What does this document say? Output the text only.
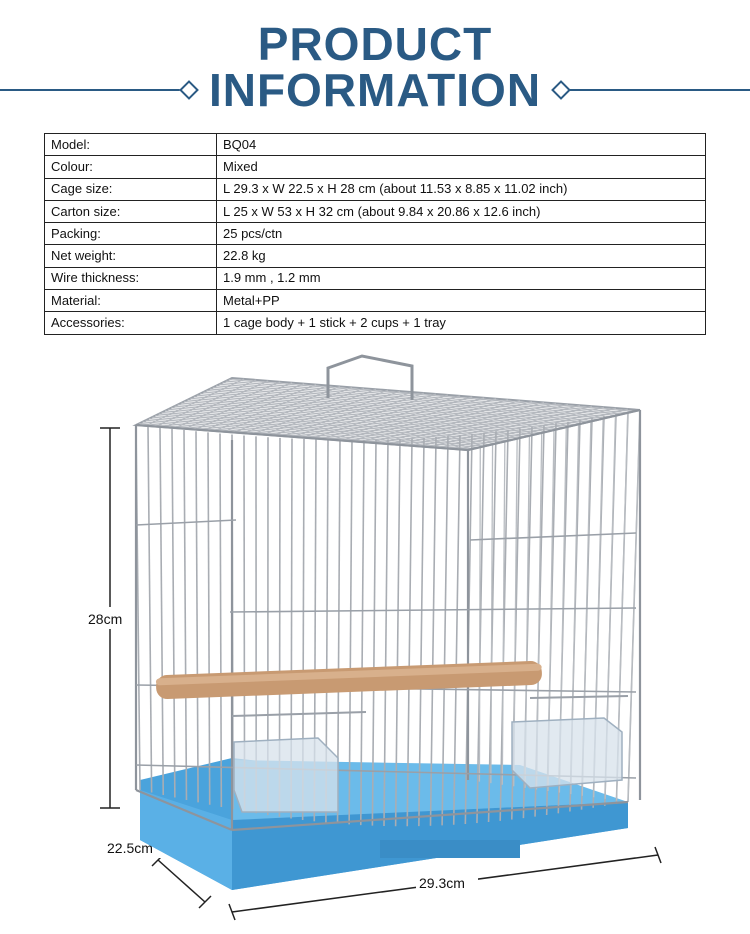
PRODUCT
INFORMATION
Model:	BQ04
Colour:	Mixed
Cage size:	L 29.3 x W 22.5 x H 28 cm (about 11.53 x 8.85 x 11.02 inch)
Carton size:	L 25 x W 53 x H 32 cm (about 9.84 x 20.86 x 12.6 inch)
Packing:	25 pcs/ctn
Net weight:	22.8 kg
Wire thickness:	1.9 mm , 1.2 mm
Material:	Metal+PP
Accessories:	1 cage body + 1 stick + 2 cups + 1 tray
28cm
22.5cm
29.3cm
